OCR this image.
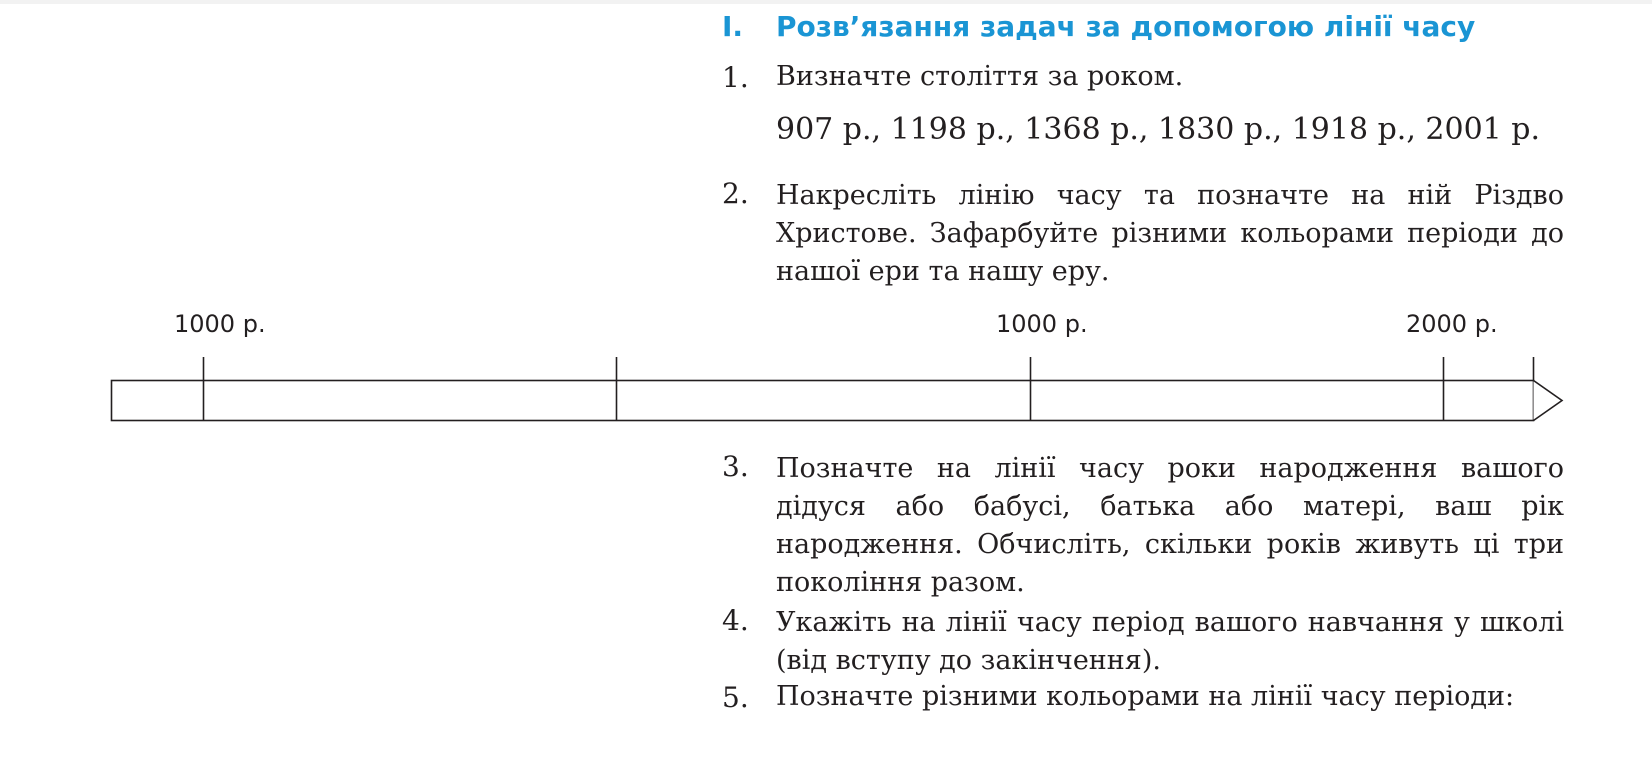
I. Розв’язання задач за допомогою лінії часу
1. Визначте століття за роком.
907 р., 1198 р., 1368 р., 1830 р., 1918 р., 2001 р.
2. Накресліть лінію часу та позначте на ній Різдво Христове. Зафарбуйте різними кольорами періоди до нашої ери та нашу еру.
1000 р.	1000 р.	2000 р.
3. Позначте на лінії часу роки народження вашого дідуся або бабусі, батька або матері, ваш рік народження. Обчисліть, скільки років живуть ці три покоління разом.
4. Укажіть на лінії часу період вашого навчання у школі (від вступу до закінчення).
5. Позначте різними кольорами на лінії часу періоди:
